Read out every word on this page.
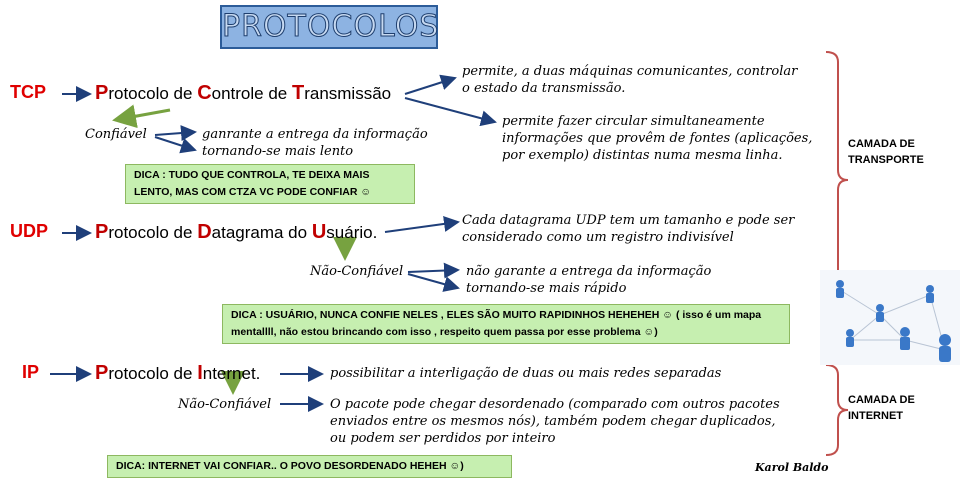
PROTOCOLOS
TCP Protocolo de Controle de Transmissão
permite, a duas máquinas comunicantes, controlar
o estado da transmissão.
permite fazer circular simultaneamente
informações que provêm de fontes (aplicações,
por exemplo) distintas numa mesma linha.
Confiável	ganrante a entrega da informação
tornando-se mais lento
DICA : TUDO QUE CONTROLA, TE DEIXA MAIS LENTO, MAS COM CTZA VC PODE CONFIAR ☺
UDP Protocolo de Datagrama do Usuário.
Cada datagrama UDP tem um tamanho e pode ser
considerado como um registro indivisível
Não-Confiável	não garante a entrega da informação
tornando-se mais rápido
DICA : USUÁRIO, NUNCA CONFIE NELES , ELES SÃO MUITO RAPIDINHOS HEHEHEH ☺ ( isso é um mapa mentallll, não estou brincando com isso , respeito quem passa por esse problema ☺)
IP	Protocolo de Internet.	possibilitar a interligação de duas ou mais redes separadas
Não-Confiável	O pacote pode chegar desordenado (comparado com outros pacotes
enviados entre os mesmos nós), também podem chegar duplicados,
ou podem ser perdidos por inteiro
DICA: INTERNET VAI CONFIAR.. O POVO DESORDENADO HEHEH ☺)
CAMADA DE TRANSPORTE
CAMADA DE INTERNET
Karol Baldo
